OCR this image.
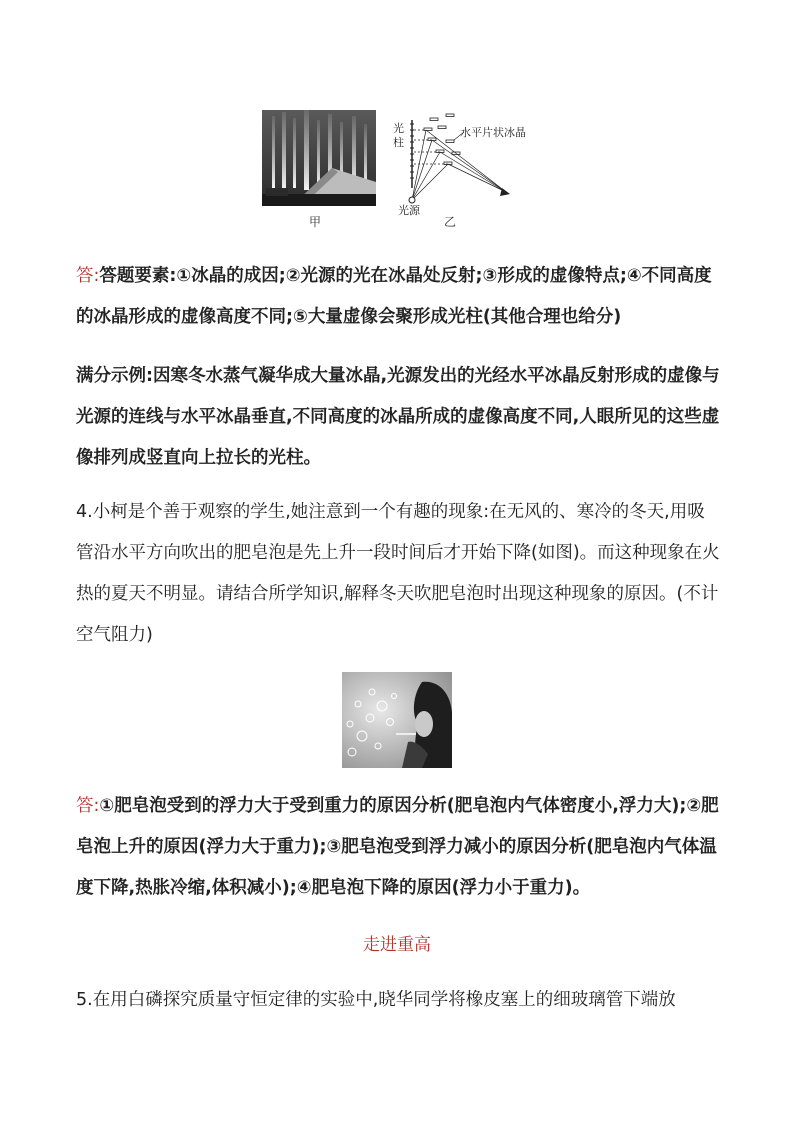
光
柱
水平片状冰晶
光源
甲	乙
答:答题要素:①冰晶的成因;②光源的光在冰晶处反射;③形成的虚像特点;④不同高度的冰晶形成的虚像高度不同;⑤大量虚像会聚形成光柱(其他合理也给分)
满分示例:因寒冬水蒸气凝华成大量冰晶,光源发出的光经水平冰晶反射形成的虚像与光源的连线与水平冰晶垂直,不同高度的冰晶所成的虚像高度不同,人眼所见的这些虚像排列成竖直向上拉长的光柱。
4.小柯是个善于观察的学生,她注意到一个有趣的现象:在无风的、寒冷的冬天,用吸管沿水平方向吹出的肥皂泡是先上升一段时间后才开始下降(如图)。而这种现象在火热的夏天不明显。请结合所学知识,解释冬天吹肥皂泡时出现这种现象的原因。(不计空气阻力)
答:①肥皂泡受到的浮力大于受到重力的原因分析(肥皂泡内气体密度小,浮力大);②肥皂泡上升的原因(浮力大于重力);③肥皂泡受到浮力减小的原因分析(肥皂泡内气体温度下降,热胀冷缩,体积减小);④肥皂泡下降的原因(浮力小于重力)。
走进重高
5.在用白磷探究质量守恒定律的实验中,晓华同学将橡皮塞上的细玻璃管下端放
